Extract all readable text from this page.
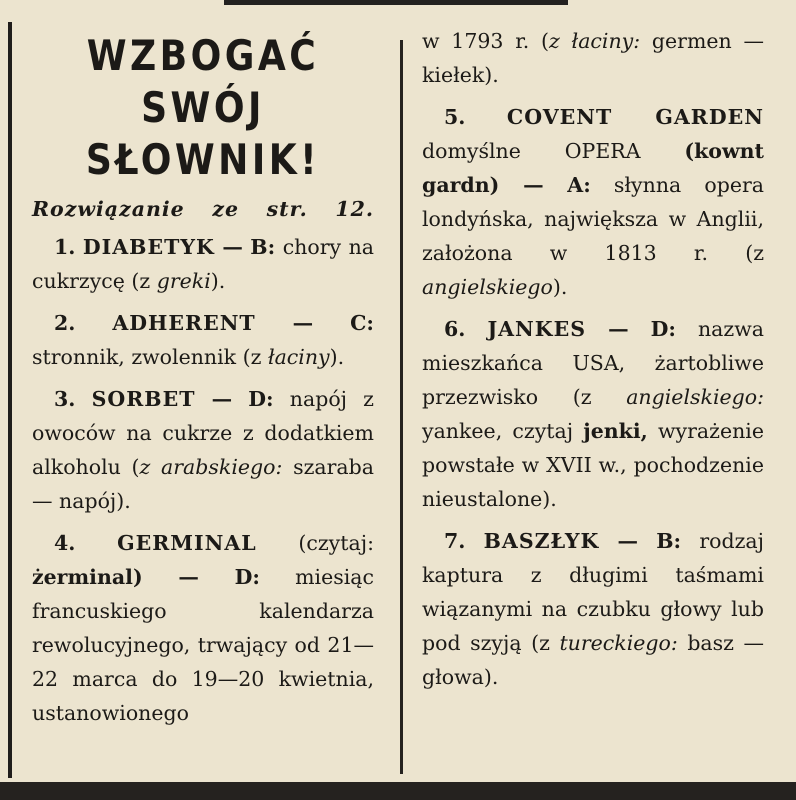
WZBOGAĆ SWÓJ
SŁOWNIK!
Rozwiązanie ze str. 12.

1. DIABETYK — B: chory na cukrzycę (z greki).

2. ADHERENT — C: stronnik, zwolennik (z łaciny).

3. SORBET — D: napój z owoców na cukrze z dodatkiem alkoholu (z arabskiego: szaraba — napój).

4. GERMINAL (czytaj: żerminal) — D: miesiąc francuskiego kalendarza rewolucyjnego, trwający od 21—22 marca do 19—20 kwietnia, ustanowionego

w 1793 r. (z łaciny: germen — kiełek).

5. COVENT GARDEN domyślne OPERA (kownt gardn) — A: słynna opera londyńska, największa w Anglii, założona w 1813 r. (z angielskiego).

6. JANKES — D: nazwa mieszkańca USA, żartobliwe przezwisko (z angielskiego: yankee, czytaj jenki, wyrażenie powstałe w XVII w., pochodzenie nieustalone).

7. BASZŁYK — B: rodzaj kaptura z długimi taśmami wiązanymi na czubku głowy lub pod szyją (z tureckiego: basz — głowa).
